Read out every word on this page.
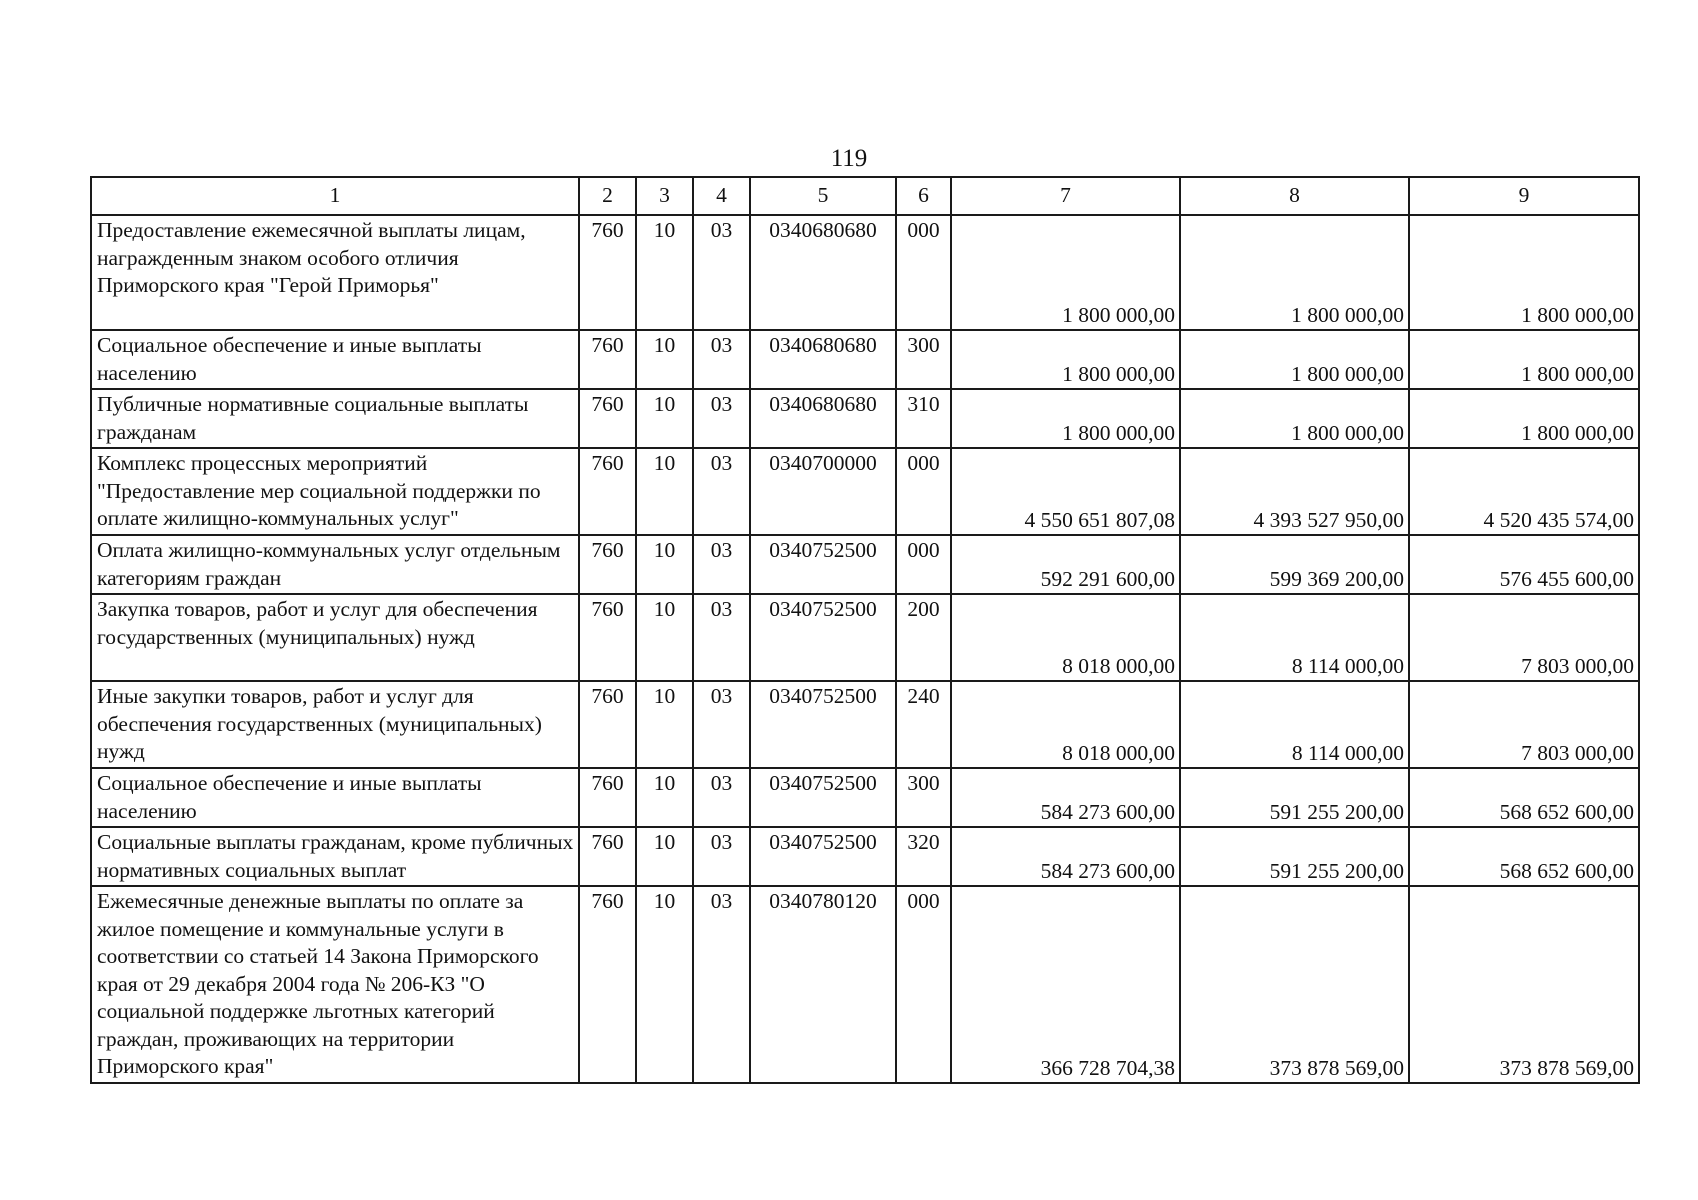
119
1	2	3	4	5	6	7	8	9
Предоставление ежемесячной выплаты лицам, награжденным знаком особого отличия Приморского края "Герой Приморья"	760	10	03	0340680680	000	1 800 000,00	1 800 000,00	1 800 000,00
Социальное обеспечение и иные выплаты населению	760	10	03	0340680680	300	1 800 000,00	1 800 000,00	1 800 000,00
Публичные нормативные социальные выплаты гражданам	760	10	03	0340680680	310	1 800 000,00	1 800 000,00	1 800 000,00
Комплекс процессных мероприятий "Предоставление мер социальной поддержки по оплате жилищно-коммунальных услуг"	760	10	03	0340700000	000	4 550 651 807,08	4 393 527 950,00	4 520 435 574,00
Оплата жилищно-коммунальных услуг отдельным категориям граждан	760	10	03	0340752500	000	592 291 600,00	599 369 200,00	576 455 600,00
Закупка товаров, работ и услуг для обеспечения государственных (муниципальных) нужд	760	10	03	0340752500	200	8 018 000,00	8 114 000,00	7 803 000,00
Иные закупки товаров, работ и услуг для обеспечения государственных (муниципальных) нужд	760	10	03	0340752500	240	8 018 000,00	8 114 000,00	7 803 000,00
Социальное обеспечение и иные выплаты населению	760	10	03	0340752500	300	584 273 600,00	591 255 200,00	568 652 600,00
Социальные выплаты гражданам, кроме публичных нормативных социальных выплат	760	10	03	0340752500	320	584 273 600,00	591 255 200,00	568 652 600,00
Ежемесячные денежные выплаты по оплате за жилое помещение и коммунальные услуги в соответствии со статьей 14 Закона Приморского края от 29 декабря 2004 года № 206-КЗ "О социальной поддержке льготных категорий граждан, проживающих на территории Приморского края"	760	10	03	0340780120	000	366 728 704,38	373 878 569,00	373 878 569,00
